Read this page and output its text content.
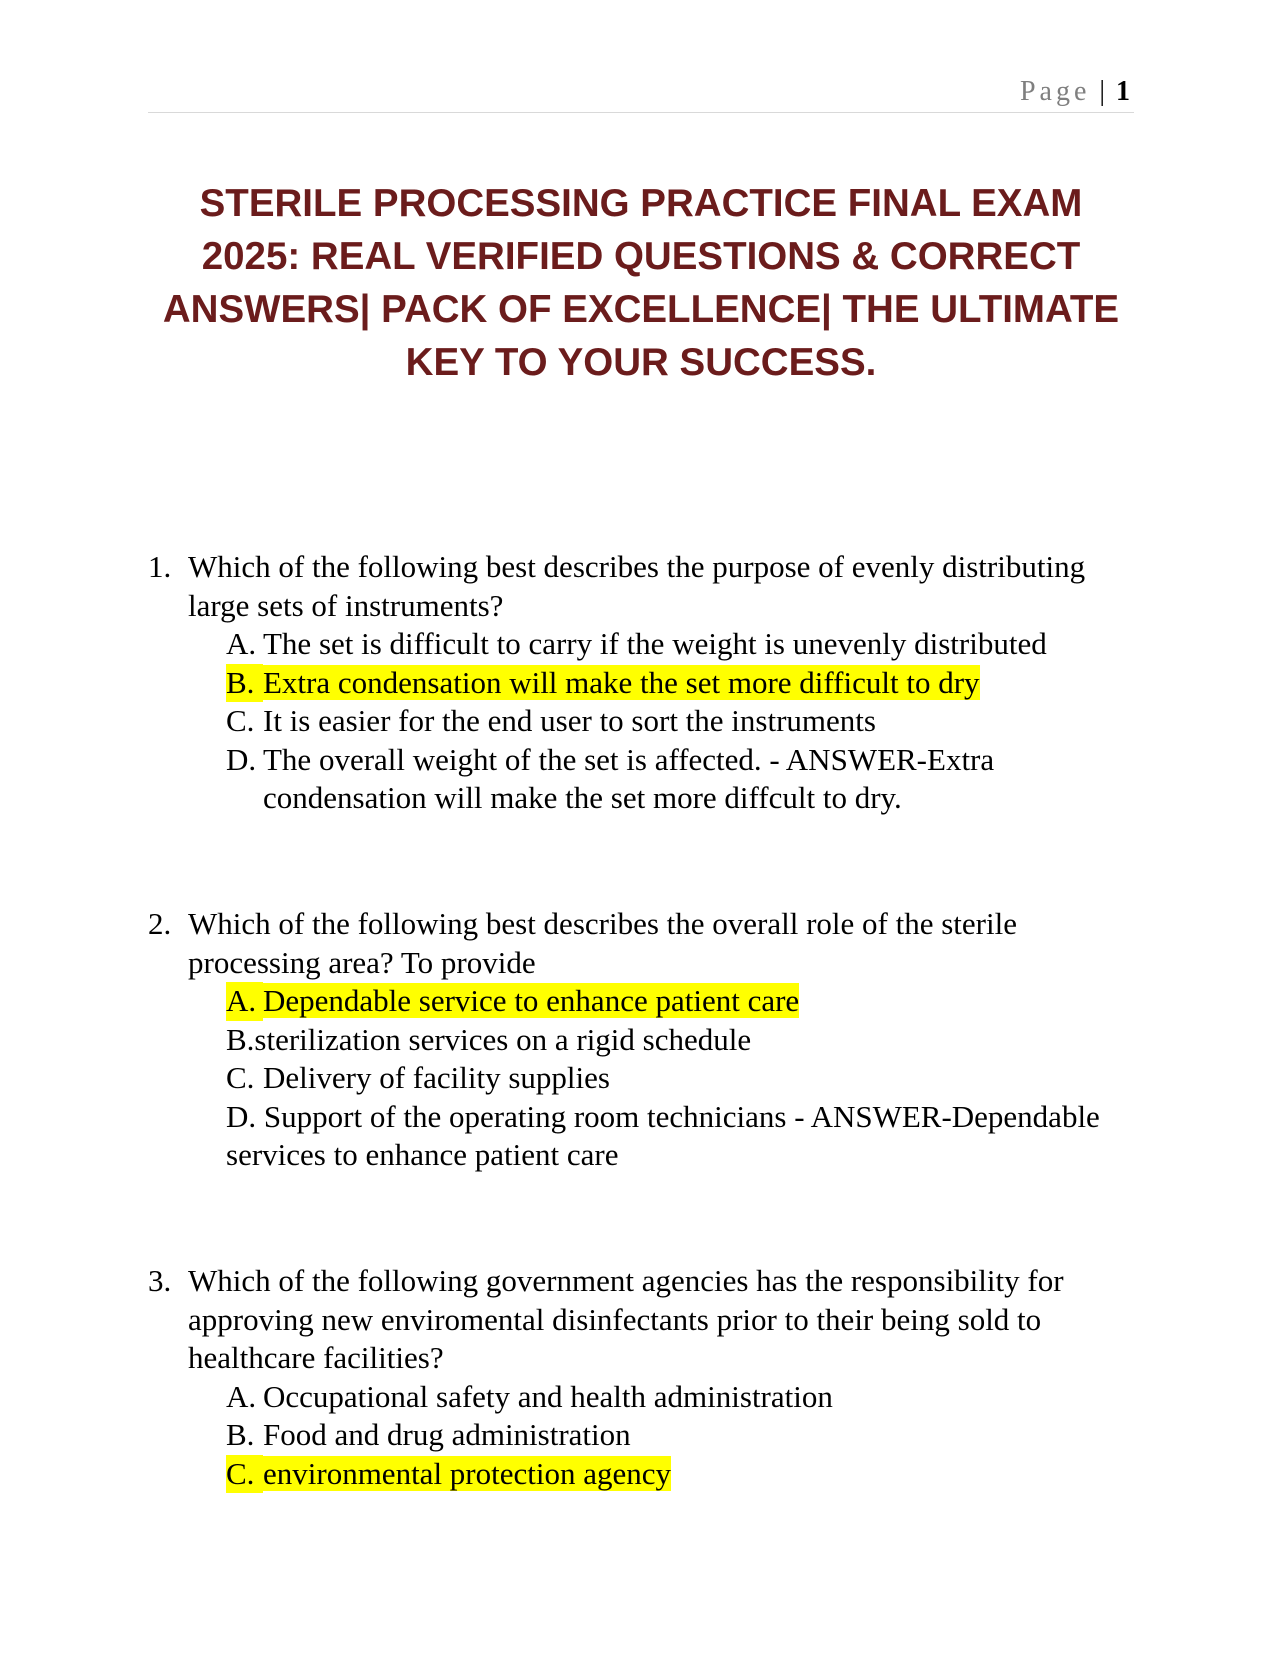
Page | 1
STERILE PROCESSING PRACTICE FINAL EXAM 2025: REAL VERIFIED QUESTIONS & CORRECT ANSWERS| PACK OF EXCELLENCE| THE ULTIMATE KEY TO YOUR SUCCESS.
1. Which of the following best describes the purpose of evenly distributing large sets of instruments?
A. The set is difficult to carry if the weight is unevenly distributed
B. Extra condensation will make the set more difficult to dry
C. It is easier for the end user to sort the instruments
D. The overall weight of the set is affected. - ANSWER-Extra condensation will make the set more diffcult to dry.
2. Which of the following best describes the overall role of the sterile processing area? To provide
A. Dependable service to enhance patient care
B.sterilization services on a rigid schedule
C. Delivery of facility supplies
D. Support of the operating room technicians - ANSWER-Dependable services to enhance patient care
3. Which of the following government agencies has the responsibility for approving new enviromental disinfectants prior to their being sold to healthcare facilities?
A. Occupational safety and health administration
B. Food and drug administration
C. environmental protection agency
